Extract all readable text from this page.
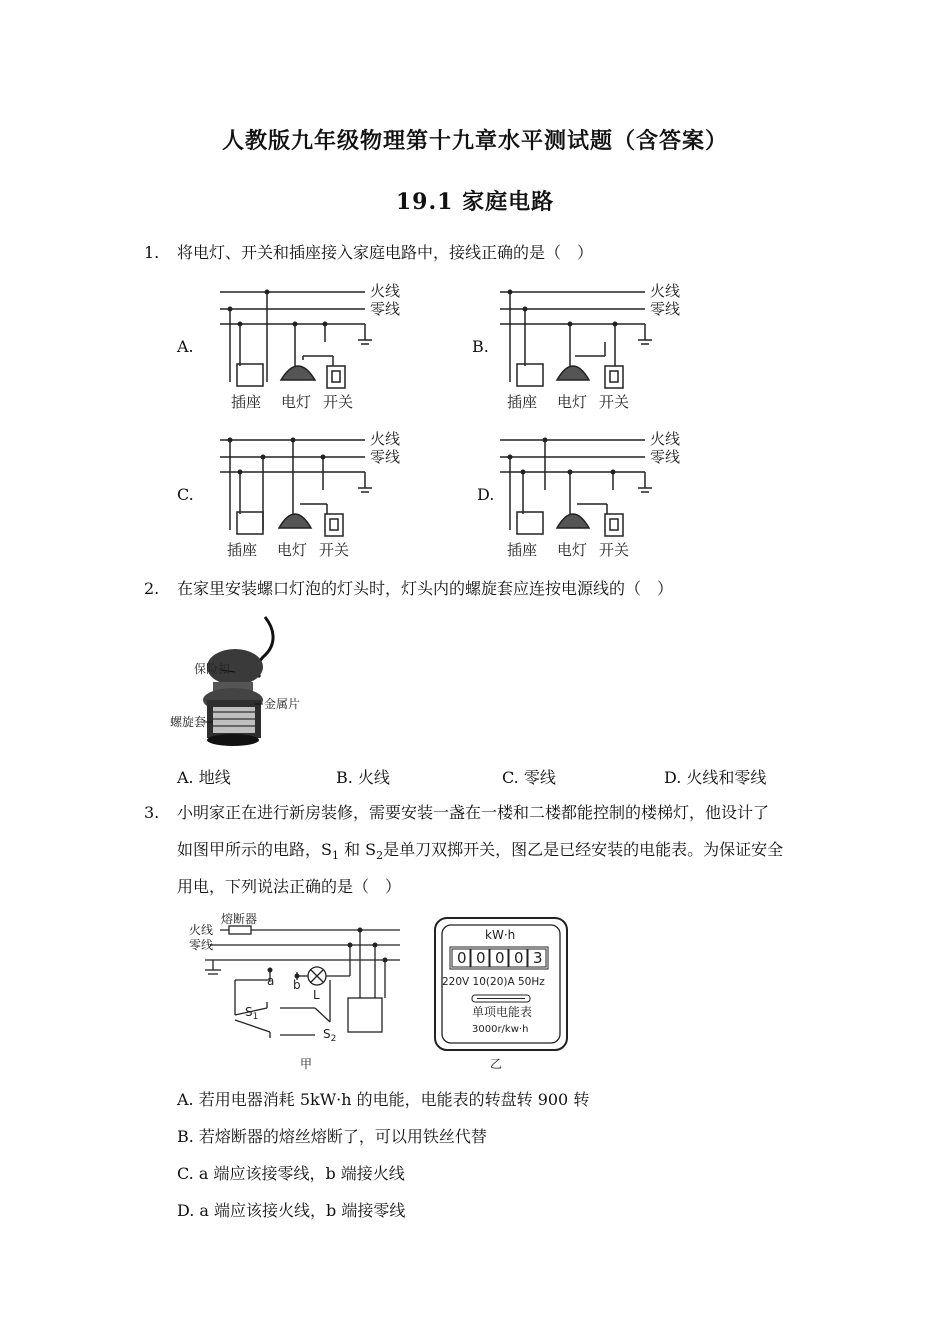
人教版九年级物理第十九章水平测试题（含答案）
19.1 家庭电路
1. 将电灯、开关和插座接入家庭电路中，接线正确的是（　）
A.	B.
C.	D.
火线
零线
插座 电灯 开关
火线
零线
插座 电灯 开关
火线
零线
插座 电灯 开关
火线
零线
插座 电灯 开关
2. 在家里安装螺口灯泡的灯头时，灯头内的螺旋套应连按电源线的（　）
保险扣
金属片
螺旋套
A. 地线	B. 火线	C. 零线	D. 火线和零线
3. 小明家正在进行新房装修，需要安装一盏在一楼和二楼都能控制的楼梯灯，他设计了
如图甲所示的电路，$S_1$ 和 $S_2$是单刀双掷开关，图乙是已经安装的电能表。为保证安全
用电，下列说法正确的是（　）
火线
熔断器
零线
a b
L
$S_1$
$S_2$
甲
kW·h
0 0 0 0 3
220V 10(20)A 50Hz
单项电能表
3000r/kw·h
乙
A. 若用电器消耗 5kW·h 的电能，电能表的转盘转 900 转
B. 若熔断器的熔丝熔断了，可以用铁丝代替
C. a 端应该接零线，b 端接火线
D. a 端应该接火线，b 端接零线
